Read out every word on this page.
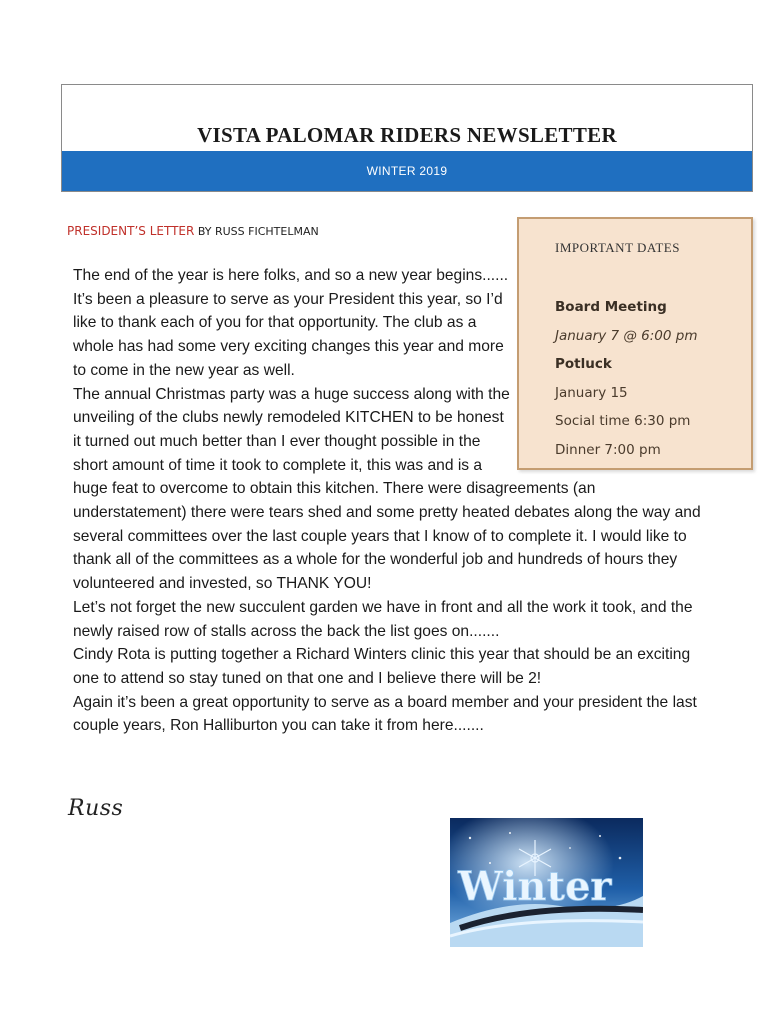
VISTA PALOMAR RIDERS NEWSLETTER
WINTER 2019
PRESIDENT’S LETTER BY RUSS FICHTELMAN

The end of the year is here folks, and so a new year begins......

It’s been a pleasure to serve as your President this year, so I’d like to thank each of you for that opportunity. The club as a whole has had some very exciting changes this year and more to come in the new year as well.

The annual Christmas party was a huge success along with the unveiling of the clubs newly remodeled KITCHEN to be honest it turned out much better than I ever thought possible in the short amount of time it took to complete it, this was and is a huge feat to overcome to obtain this kitchen. There were disagreements (an understatement) there were tears shed and some pretty heated debates along the way and several committees over the last couple years that I know of to complete it. I would like to thank all of the committees as a whole for the wonderful job and hundreds of hours they volunteered and invested, so THANK YOU!

Let’s not forget the new succulent garden we have in front and all the work it took, and the newly raised row of stalls across the back the list goes on.......

Cindy Rota is putting together a Richard Winters clinic this year that should be an exciting one to attend so stay tuned on that one and I believe there will be 2!

Again it’s been a great opportunity to serve as a board member and your president the last couple years, Ron Halliburton you can take it from here.......

IMPORTANT DATES
Board Meeting
January 7 @ 6:00 pm
Potluck
January 15
Social time 6:30 pm
Dinner 7:00 pm
Russ
Winter
